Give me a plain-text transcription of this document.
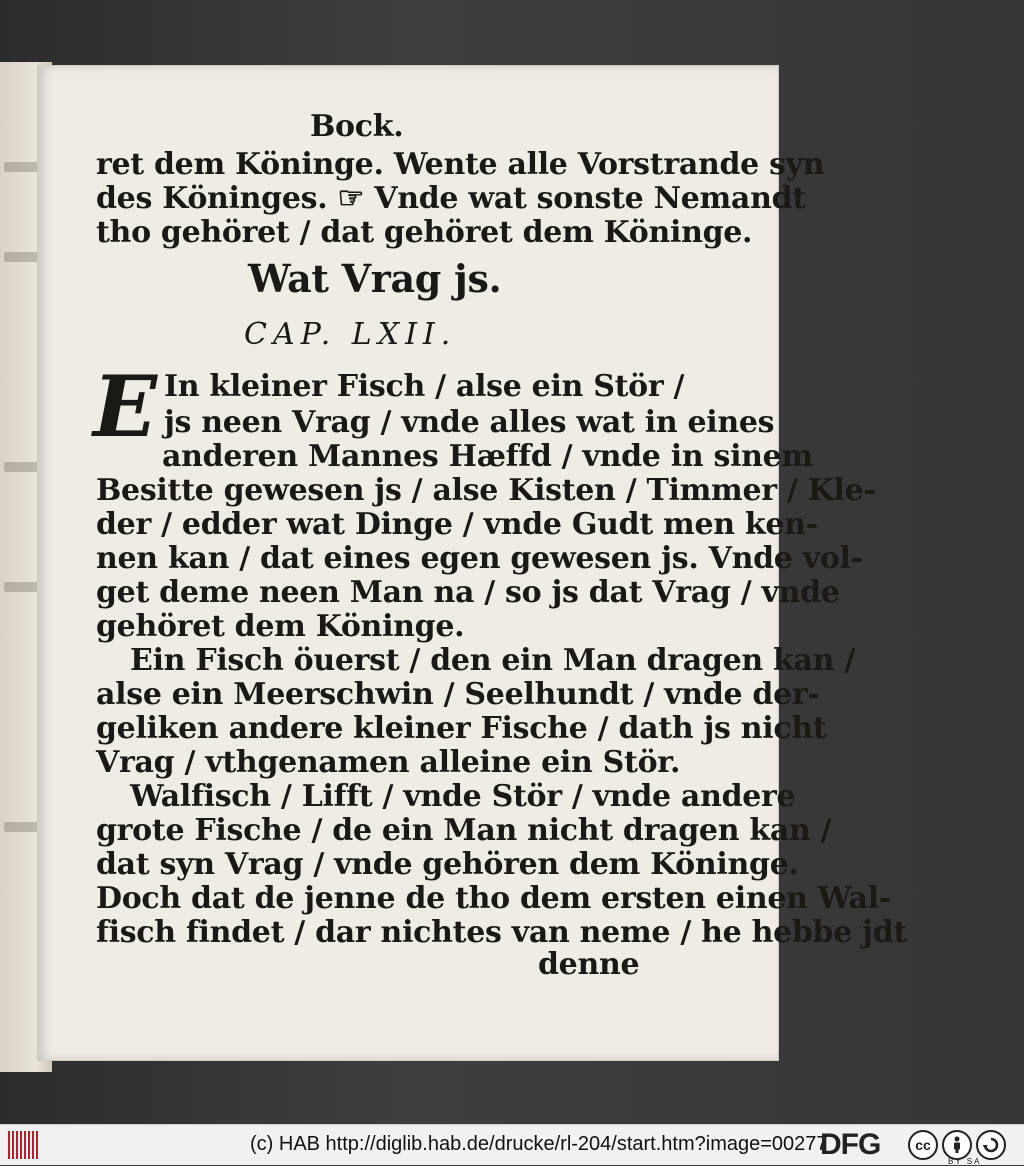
Bock.
ret dem Köninge. Wente alle Vorstrande syn
des Köninges. ☞ Vnde wat sonste Nemandt
tho gehöret / dat gehöret dem Köninge.
Wat Vrag js.
CAP. LXII.
E In kleiner Fisch / alse ein Stör /
js neen Vrag / vnde alles wat in eines
anderen Mannes Hæffd / vnde in sinem
Besitte gewesen js / alse Kisten / Timmer / Kle-
der / edder wat Dinge / vnde Gudt men ken-
nen kan / dat eines egen gewesen js. Vnde vol-
get deme neen Man na / so js dat Vrag / vnde
gehöret dem Köninge.
Ein Fisch öuerst / den ein Man dragen kan /
alse ein Meerschwin / Seelhundt / vnde der-
geliken andere kleiner Fische / dath js nicht
Vrag / vthgenamen alleine ein Stör.
Walfisch / Lifft / vnde Stör / vnde andere
grote Fische / de ein Man nicht dragen kan /
dat syn Vrag / vnde gehören dem Köninge.
Doch dat de jenne de tho dem ersten einen Wal-
fisch findet / dar nichtes van neme / he hebbe jdt
denne
(c) HAB http://diglib.hab.de/drucke/rl-204/start.htm?image=00277
DFG	cc
BY SA
